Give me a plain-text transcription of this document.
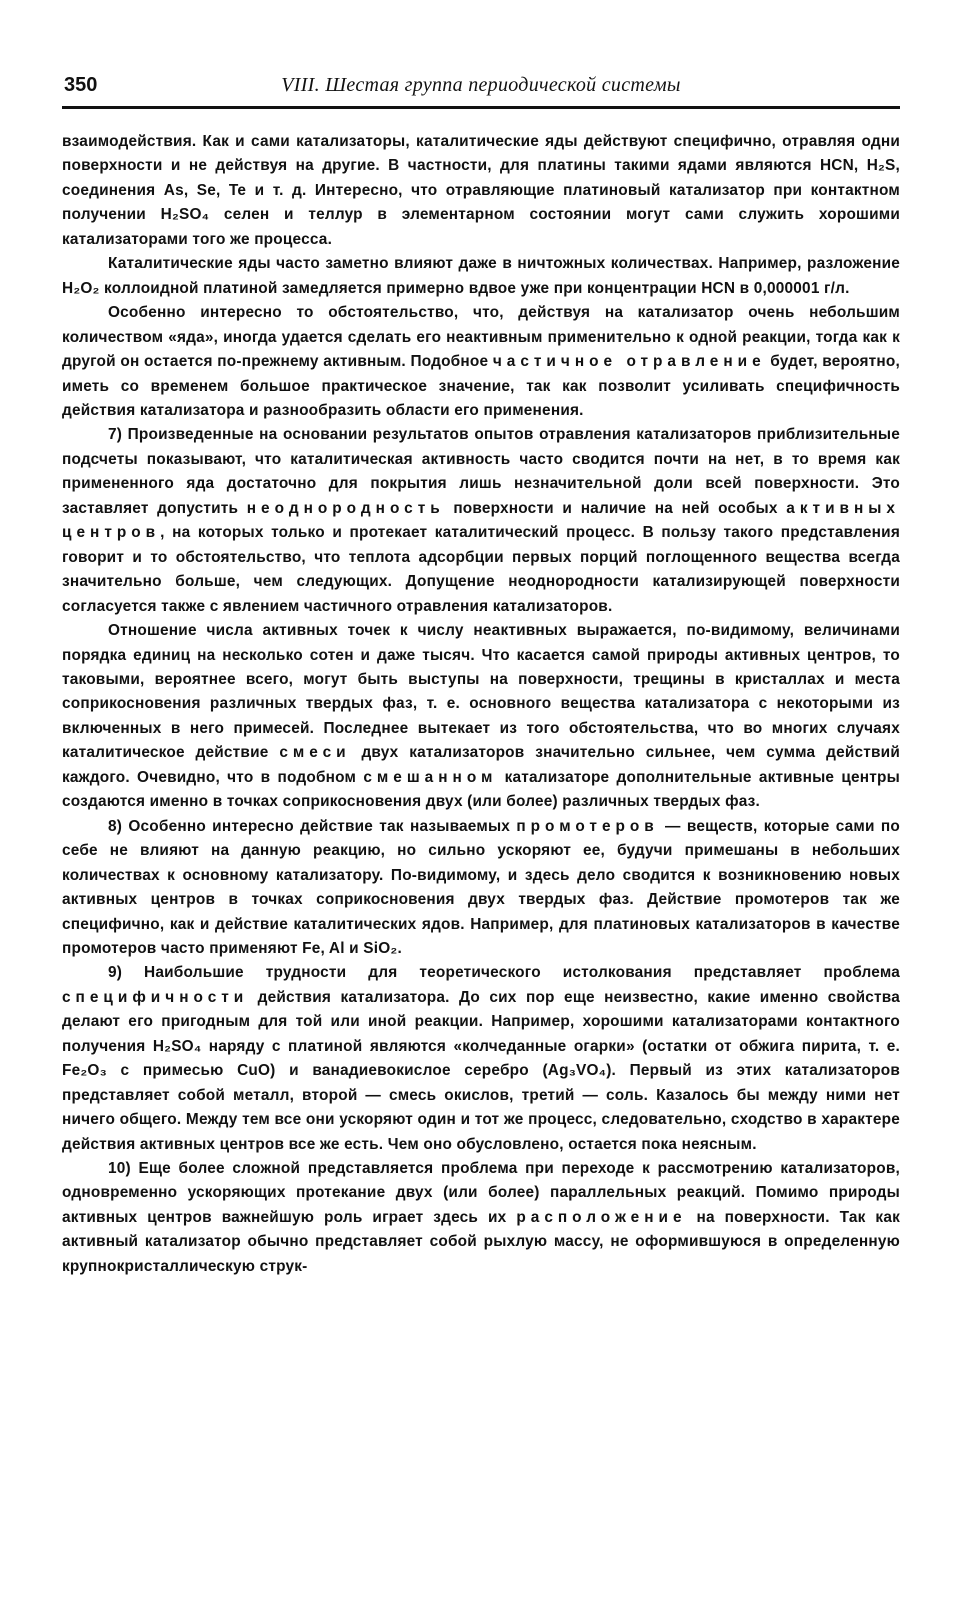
350	VIII. Шестая группа периодической системы

взаимодействия. Как и сами катализаторы, каталитические яды действуют специфично, отравляя одни поверхности и не действуя на другие. В частности, для платины такими ядами являются HCN, H₂S, соединения As, Se, Te и т. д. Интересно, что отравляющие платиновый катализатор при контактном получении H₂SO₄ селен и теллур в элементарном состоянии могут сами служить хорошими катализаторами того же процесса.

Каталитические яды часто заметно влияют даже в ничтожных количествах. Например, разложение H₂O₂ коллоидной платиной замедляется примерно вдвое уже при концентрации HCN в 0,000001 г/л.

Особенно интересно то обстоятельство, что, действуя на катализатор очень небольшим количеством «яда», иногда удается сделать его неактивным применительно к одной реакции, тогда как к другой он остается по-прежнему активным. Подобное частичное отравление будет, вероятно, иметь со временем большое практическое значение, так как позволит усиливать специфичность действия катализатора и разнообразить области его применения.

7) Произведенные на основании результатов опытов отравления катализаторов приблизительные подсчеты показывают, что каталитическая активность часто сводится почти на нет, в то время как примененного яда достаточно для покрытия лишь незначительной доли всей поверхности. Это заставляет допустить неоднородность поверхности и наличие на ней особых активных центров, на которых только и протекает каталитический процесс. В пользу такого представления говорит и то обстоятельство, что теплота адсорбции первых порций поглощенного вещества всегда значительно больше, чем следующих. Допущение неоднородности катализирующей поверхности согласуется также с явлением частичного отравления катализаторов.

Отношение числа активных точек к числу неактивных выражается, по-видимому, величинами порядка единиц на несколько сотен и даже тысяч. Что касается самой природы активных центров, то таковыми, вероятнее всего, могут быть выступы на поверхности, трещины в кристаллах и места соприкосновения различных твердых фаз, т. е. основного вещества катализатора с некоторыми из включенных в него примесей. Последнее вытекает из того обстоятельства, что во многих случаях каталитическое действие смеси двух катализаторов значительно сильнее, чем сумма действий каждого. Очевидно, что в подобном смешанном катализаторе дополнительные активные центры создаются именно в точках соприкосновения двух (или более) различных твердых фаз.

8) Особенно интересно действие так называемых промотеров — веществ, которые сами по себе не влияют на данную реакцию, но сильно ускоряют ее, будучи примешаны в небольших количествах к основному катализатору. По-видимому, и здесь дело сводится к возникновению новых активных центров в точках соприкосновения двух твердых фаз. Действие промотеров так же специфично, как и действие каталитических ядов. Например, для платиновых катализаторов в качестве промотеров часто применяют Fe, Al и SiO₂.

9) Наибольшие трудности для теоретического истолкования представляет проблема специфичности действия катализатора. До сих пор еще неизвестно, какие именно свойства делают его пригодным для той или иной реакции. Например, хорошими катализаторами контактного получения H₂SO₄ наряду с платиной являются «колчеданные огарки» (остатки от обжига пирита, т. е. Fe₂O₃ с примесью CuO) и ванадиевокислое серебро (Ag₃VO₄). Первый из этих катализаторов представляет собой металл, второй — смесь окислов, третий — соль. Казалось бы между ними нет ничего общего. Между тем все они ускоряют один и тот же процесс, следовательно, сходство в характере действия активных центров все же есть. Чем оно обусловлено, остается пока неясным.

10) Еще более сложной представляется проблема при переходе к рассмотрению катализаторов, одновременно ускоряющих протекание двух (или более) параллельных реакций. Помимо природы активных центров важнейшую роль играет здесь их расположение на поверхности. Так как активный катализатор обычно представляет собой рыхлую массу, не оформившуюся в определенную крупнокристаллическую струк-
